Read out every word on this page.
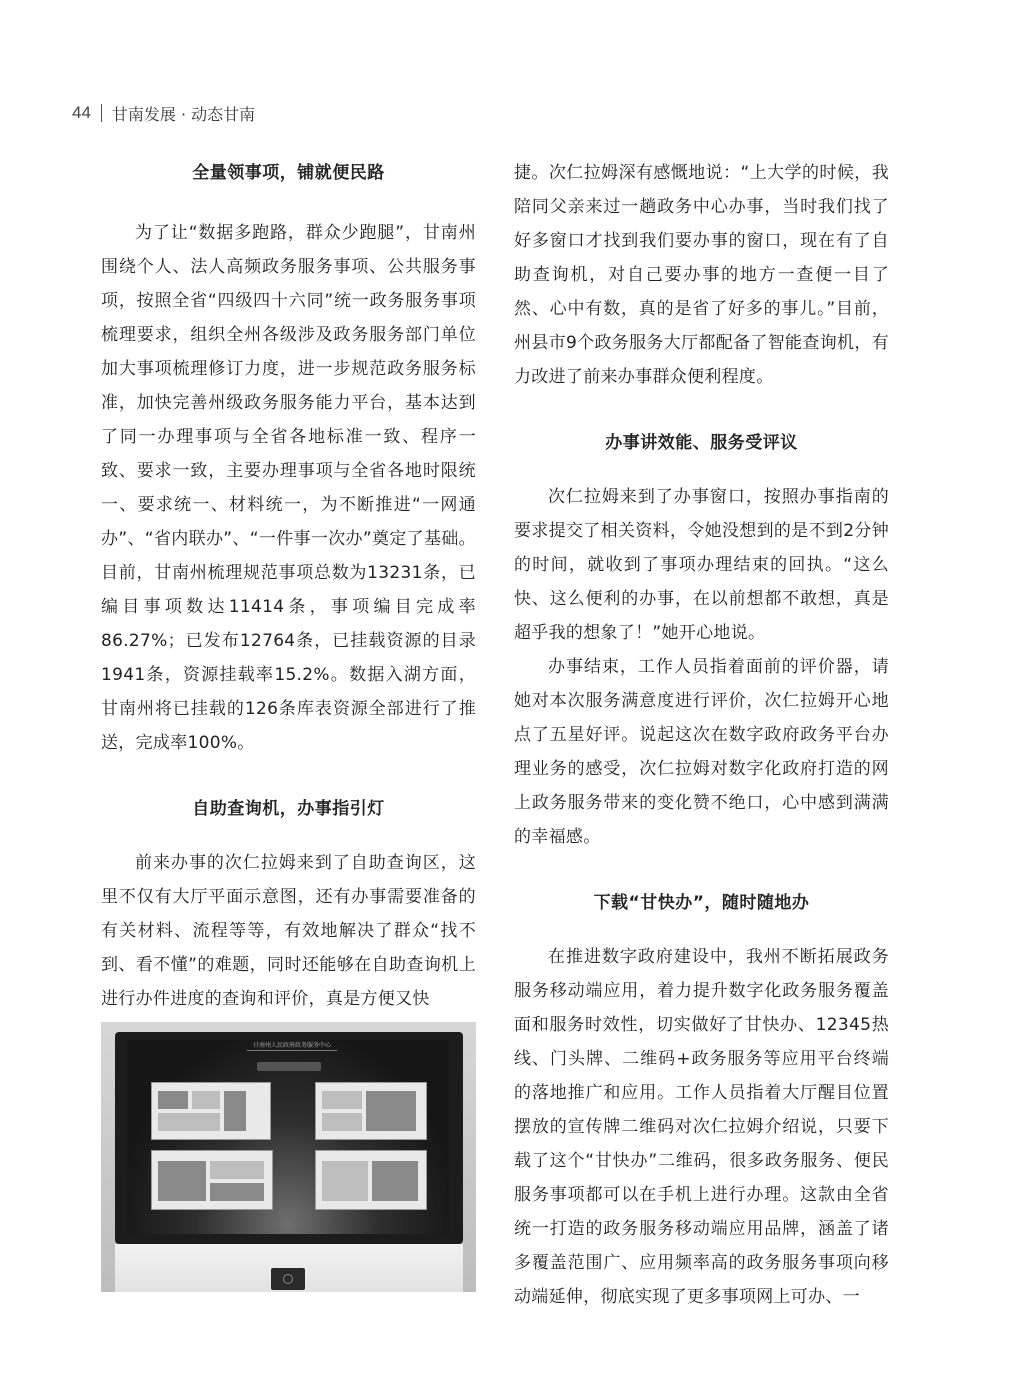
44 甘南发展 · 动态甘南
全量领事项，铺就便民路

为了让“数据多跑路，群众少跑腿”，甘南州围绕个人、法人高频政务服务事项、公共服务事项，按照全省“四级四十六同”统一政务服务事项梳理要求，组织全州各级涉及政务服务部门单位加大事项梳理修订力度，进一步规范政务服务标准，加快完善州级政务服务能力平台，基本达到了同一办理事项与全省各地标准一致、程序一致、要求一致，主要办理事项与全省各地时限统一、要求统一、材料统一，为不断推进“一网通办”、“省内联办”、“一件事一次办”奠定了基础。目前，甘南州梳理规范事项总数为13231条，已编目事项数达11414条，事项编目完成率86.27%；已发布12764条，已挂载资源的目录1941条，资源挂载率15.2%。数据入湖方面，甘南州将已挂载的126条库表资源全部进行了推送，完成率100%。

自助查询机，办事指引灯

前来办事的次仁拉姆来到了自助查询区，这里不仅有大厅平面示意图，还有办事需要准备的有关材料、流程等等，有效地解决了群众“找不到、看不懂”的难题，同时还能够在自助查询机上进行办件进度的查询和评价，真是方便又快

甘南州人民政府政务服务中心

捷。次仁拉姆深有感慨地说：“上大学的时候，我陪同父亲来过一趟政务中心办事，当时我们找了好多窗口才找到我们要办事的窗口，现在有了自助查询机，对自己要办事的地方一查便一目了然、心中有数，真的是省了好多的事儿。”目前，州县市9个政务服务大厅都配备了智能查询机，有力改进了前来办事群众便利程度。

办事讲效能、服务受评议

次仁拉姆来到了办事窗口，按照办事指南的要求提交了相关资料，令她没想到的是不到2分钟的时间，就收到了事项办理结束的回执。“这么快、这么便利的办事，在以前想都不敢想，真是超乎我的想象了！”她开心地说。

办事结束，工作人员指着面前的评价器，请她对本次服务满意度进行评价，次仁拉姆开心地点了五星好评。说起这次在数字政府政务平台办理业务的感受，次仁拉姆对数字化政府打造的网上政务服务带来的变化赞不绝口，心中感到满满的幸福感。

下载“甘快办”，随时随地办

在推进数字政府建设中，我州不断拓展政务服务移动端应用，着力提升数字化政务服务覆盖面和服务时效性，切实做好了甘快办、12345热线、门头牌、二维码+政务服务等应用平台终端的落地推广和应用。工作人员指着大厅醒目位置摆放的宣传牌二维码对次仁拉姆介绍说，只要下载了这个“甘快办”二维码，很多政务服务、便民服务事项都可以在手机上进行办理。这款由全省统一打造的政务服务移动端应用品牌，涵盖了诸多覆盖范围广、应用频率高的政务服务事项向移动端延伸，彻底实现了更多事项网上可办、一
